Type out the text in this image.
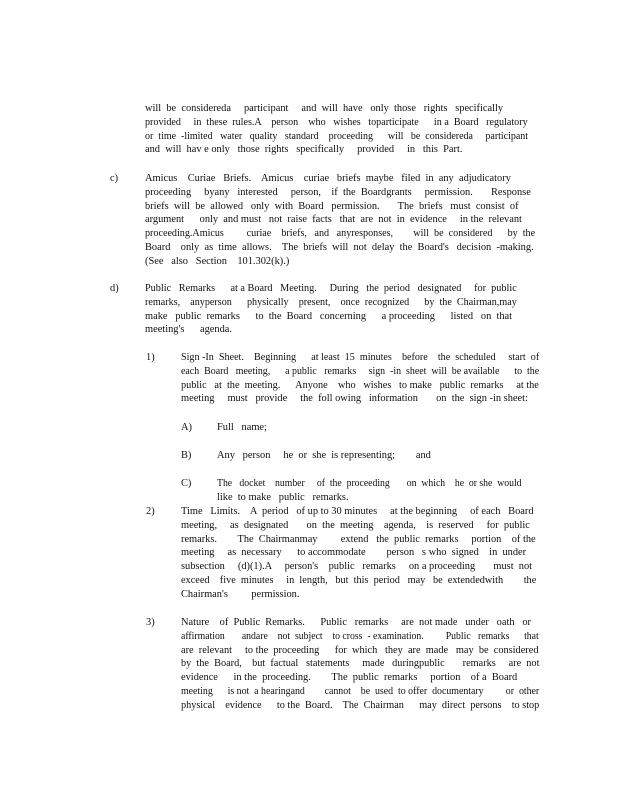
will  be  considereda     participant     and  will  have   only  those   rights   specifically
provided     in  these  rules.A    person    who   wishes   toparticipate      in a  Board   regulatory
or  time  -limited   water   quality   standard    proceeding      will   be  considereda     participant
and  will  hav e only   those  rights   specifically     provided     in   this  Part.
c)	Amicus    Curiae   Briefs.    Amicus    curiae   briefs  maybe   filed  in  any  adjudicatory
proceeding     byany   interested     person,    if  the  Boardgrants     permission.       Response
briefs  will  be  allowed   only  with  Board   permission.       The  briefs   must  consist  of
argument      only  and must   not  raise  facts   that  are  not  in  evidence     in the  relevant
proceeding.Amicus         curiae    briefs,   and   anyresponses,        will  be  considered      by  the
Board    only  as  time  allows.    The  briefs  will  not  delay  the  Board's   decision  -making.
(See   also   Section    101.302(k).)
d)	Public   Remarks      at a Board   Meeting.     During   the  period   designated     for  public
remarks,    anyperson      physically    present,    once  recognized      by  the  Chairman,may
make   public  remarks      to  the  Board   concerning      a proceeding      listed   on  that
meeting's      agenda.
1)	Sign -In  Sheet.    Beginning      at least  15  minutes    before    the  scheduled     start  of
each  Board   meeting,      a public   remarks     sign  -in  sheet  will  be available      to  the
public   at  the  meeting.      Anyone    who   wishes   to make   public  remarks     at the
meeting     must   provide     the  foll owing   information       on  the  sign -in sheet:
A) Full   name;
B) Any   person     he  or  she  is representing;        and
C) The   docket    number     of  the  proceeding       on  which    he  or she  would
like  to make   public   remarks.
2)	Time   Limits.    A  period   of up to 30 minutes     at the beginning     of each   Board
meeting,     as  designated       on  the  meeting    agenda,    is  reserved     for  public
remarks.        The  Chairmanmay         extend   the  public  remarks     portion    of the
meeting     as  necessary      to accommodate        person   s who  signed    in  under
subsection     (d)(1).A     person's    public   remarks     on a proceeding       must  not
exceed    five  minutes     in  length,   but  this  period   may   be  extendedwith        the
Chairman's         permission.
3)	Nature    of  Public  Remarks.      Public   remarks     are  not made   under   oath   or
affirmation       andare    not  subject    to cross  - examination.         Public   remarks      that
are  relevant     to the  proceeding      for  which   they  are  made   may  be  considered
by  the  Board,    but  factual   statements     made   duringpublic       remarks     are  not
evidence      in the  proceeding.        The  public  remarks     portion    of a  Board
meeting      is not  a hearingand        cannot    be  used  to offer  documentary         or  other
physical    evidence      to the  Board.    The  Chairman      may  direct  persons    to stop
